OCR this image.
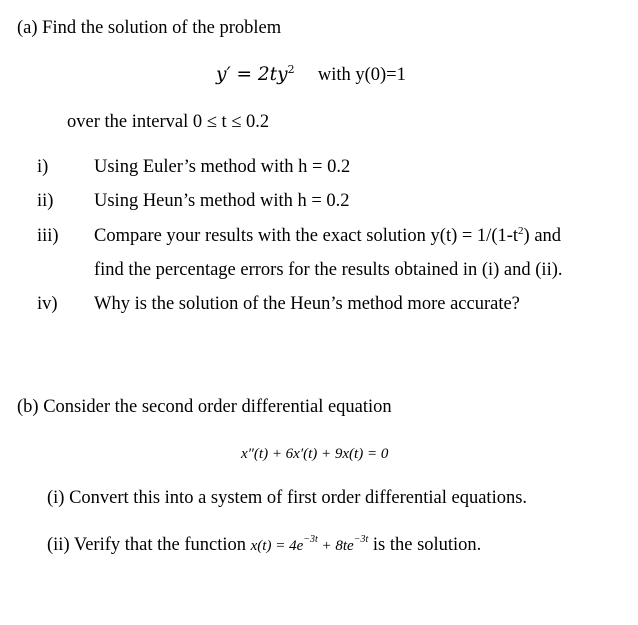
(a) Find the solution of the problem
$y' = 2ty^2$ with y(0)=1
over the interval 0 ≤ t ≤ 0.2
i) Using Euler’s method with h = 0.2
ii) Using Heun’s method with h = 0.2
iii) Compare your results with the exact solution $y(t) = 1/(1-t^2)$ and
find the percentage errors for the results obtained in (i) and (ii).
iv) Why is the solution of the Heun’s method more accurate?
(b) Consider the second order differential equation
x″(t) + 6x′(t) + 9x(t) = 0
(i) Convert this into a system of first order differential equations.
(ii) Verify that the function $x(t) = 4e^{-3t} + 8te^{-3t}$ is the solution.
